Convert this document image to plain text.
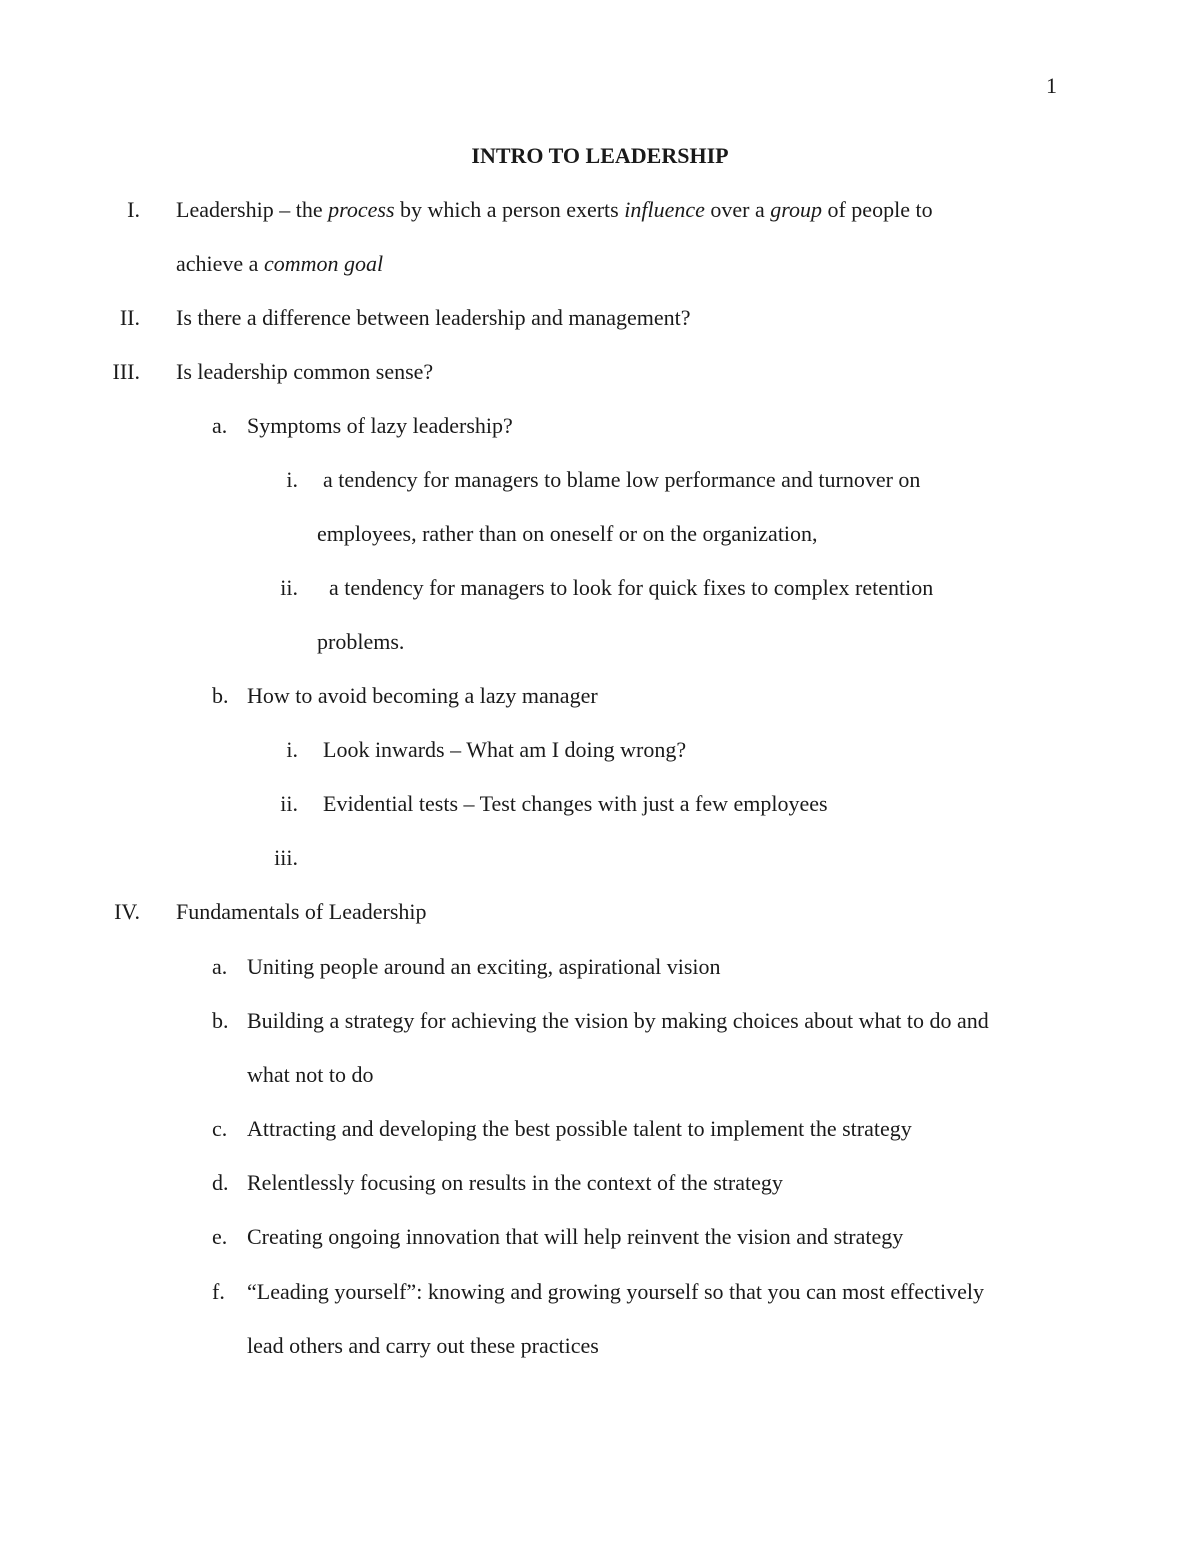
1
INTRO TO LEADERSHIP
I. Leadership – the process by which a person exerts influence over a group of people to
achieve a common goal
II. Is there a difference between leadership and management?
III. Is leadership common sense?
a. Symptoms of lazy leadership?
i. a tendency for managers to blame low performance and turnover on
employees, rather than on oneself or on the organization,
ii. a tendency for managers to look for quick fixes to complex retention
problems.
b. How to avoid becoming a lazy manager
i. Look inwards – What am I doing wrong?
ii. Evidential tests – Test changes with just a few employees
iii.
IV. Fundamentals of Leadership
a. Uniting people around an exciting, aspirational vision
b. Building a strategy for achieving the vision by making choices about what to do and
what not to do
c. Attracting and developing the best possible talent to implement the strategy
d. Relentlessly focusing on results in the context of the strategy
e. Creating ongoing innovation that will help reinvent the vision and strategy
f. “Leading yourself”: knowing and growing yourself so that you can most effectively
lead others and carry out these practices
